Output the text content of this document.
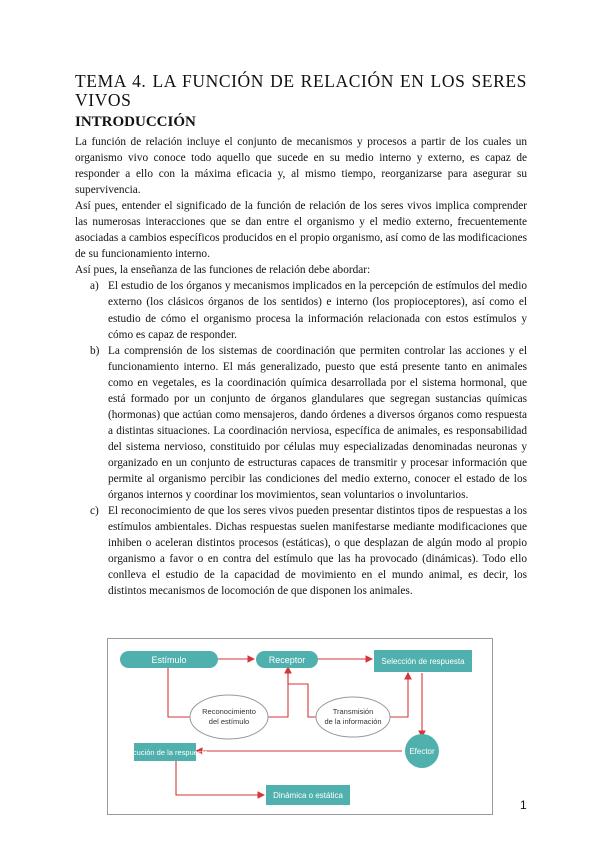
TEMA 4. LA FUNCIÓN DE RELACIÓN EN LOS SERES VIVOS
INTRODUCCIÓN

La función de relación incluye el conjunto de mecanismos y procesos a partir de los cuales un organismo vivo conoce todo aquello que sucede en su medio interno y externo, es capaz de responder a ello con la máxima eficacia y, al mismo tiempo, reorganizarse para asegurar su supervivencia.

Así pues, entender el significado de la función de relación de los seres vivos implica comprender las numerosas interacciones que se dan entre el organismo y el medio externo, frecuentemente asociadas a cambios específicos producidos en el propio organismo, así como de las modificaciones de su funcionamiento interno.

Así pues, la enseñanza de las funciones de relación debe abordar:

a) El estudio de los órganos y mecanismos implicados en la percepción de estímulos del medio externo (los clásicos órganos de los sentidos) e interno (los propioceptores), así como el estudio de cómo el organismo procesa la información relacionada con estos estímulos y cómo es capaz de responder.
b) La comprensión de los sistemas de coordinación que permiten controlar las acciones y el funcionamiento interno. El más generalizado, puesto que está presente tanto en animales como en vegetales, es la coordinación química desarrollada por el sistema hormonal, que está formado por un conjunto de órganos glandulares que segregan sustancias químicas (hormonas) que actúan como mensajeros, dando órdenes a diversos órganos como respuesta a distintas situaciones. La coordinación nerviosa, específica de animales, es responsabilidad del sistema nervioso, constituido por células muy especializadas denominadas neuronas y organizado en un conjunto de estructuras capaces de transmitir y procesar información que permite al organismo percibir las condiciones del medio externo, conocer el estado de los órganos internos y coordinar los movimientos, sean voluntarios o involuntarios.
c) El reconocimiento de que los seres vivos pueden presentar distintos tipos de respuestas a los estímulos ambientales. Dichas respuestas suelen manifestarse mediante modificaciones que inhiben o aceleran distintos procesos (estáticas), o que desplazan de algún modo al propio organismo a favor o en contra del estímulo que las ha provocado (dinámicas). Todo ello conlleva el estudio de la capacidad de movimiento en el mundo animal, es decir, los distintos mecanismos de locomoción de que disponen los animales.
Estímulo	Receptor	Selección de respuesta
Reconocimiento
del estímulo
Transmisión
de la información
Efector
Ejecución de la respuesta
Dinámica o estática
1
